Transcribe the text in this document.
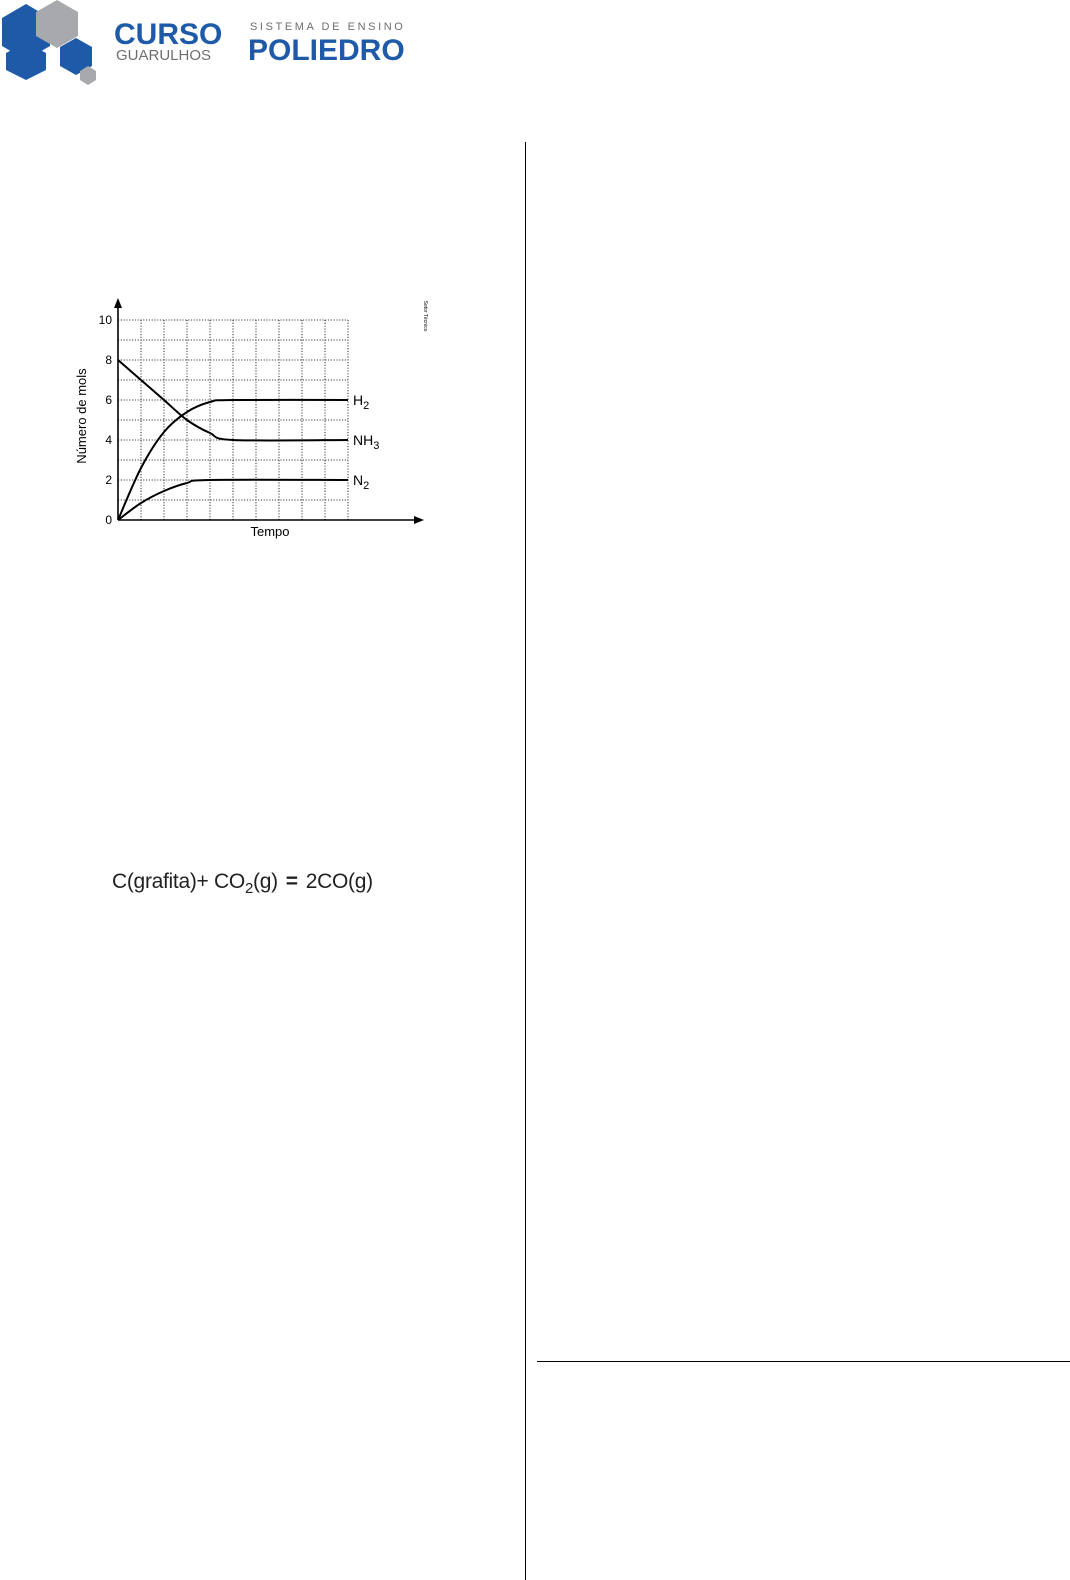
CURSO
GUARULHOS
SISTEMA DE ENSINO
POLIEDRO
0
2
4
6
8
10
$H_2$
$NH_3$
$N_2$
Tempo
Número de mols
Setor Técnico
C(grafita)+ $CO_2(g) = 2CO(g)$
